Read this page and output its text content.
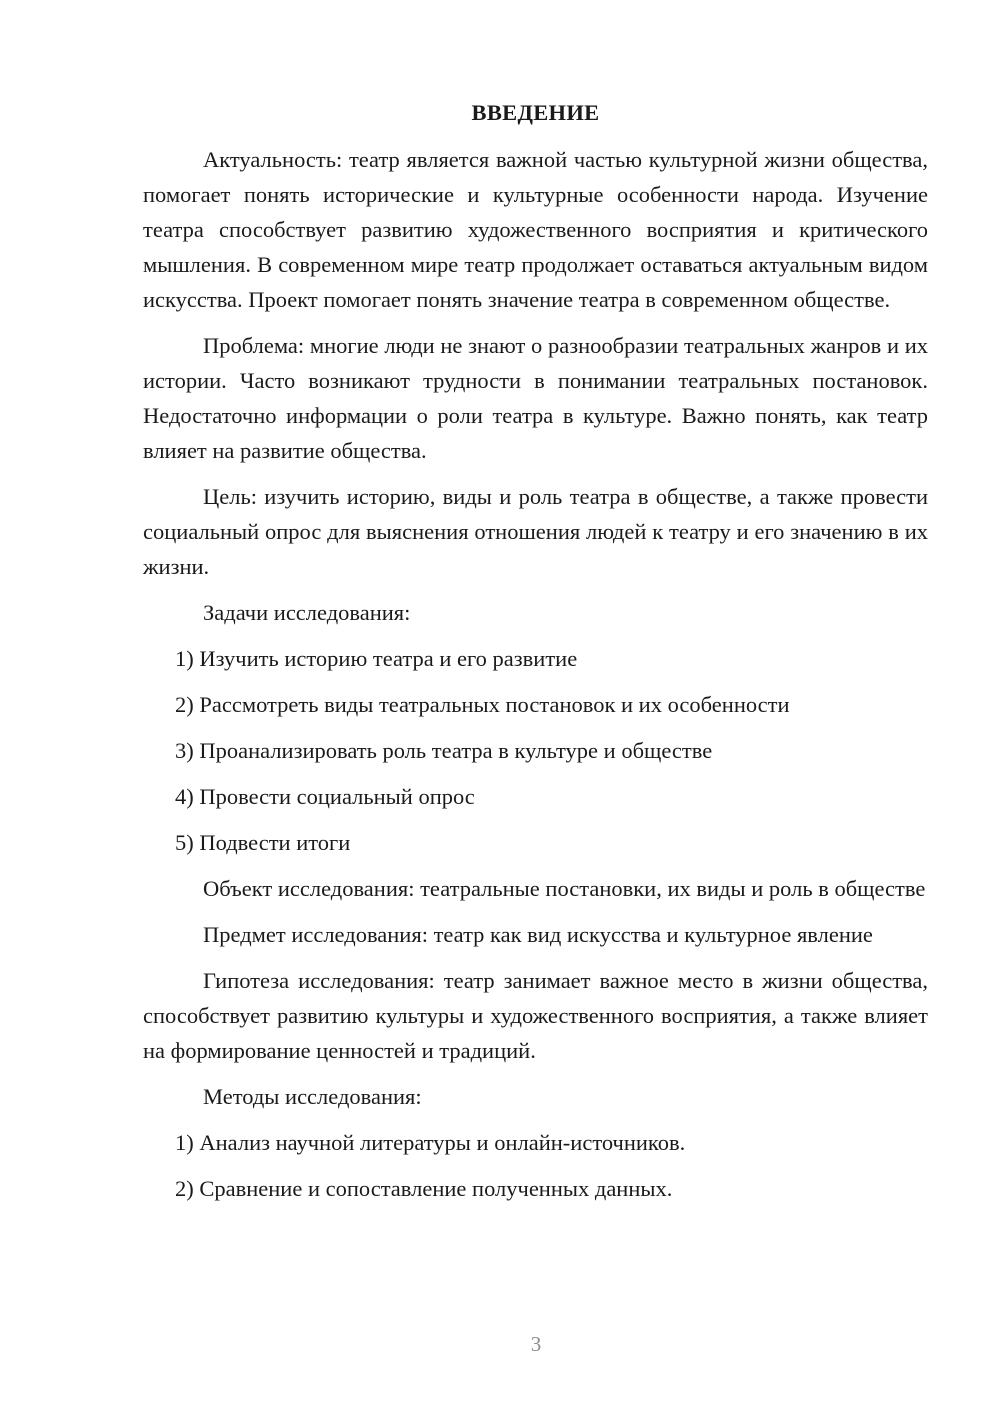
ВВЕДЕНИЕ

Актуальность: театр является важной частью культурной жизни общества, помогает понять исторические и культурные особенности народа. Изучение театра способствует развитию художественного восприятия и критического мышления. В современном мире театр продолжает оставаться актуальным видом искусства. Проект помогает понять значение театра в современном обществе.

Проблема: многие люди не знают о разнообразии театральных жанров и их истории. Часто возникают трудности в понимании театральных постановок. Недостаточно информации о роли театра в культуре. Важно понять, как театр влияет на развитие общества.

Цель: изучить историю, виды и роль театра в обществе, а также провести социальный опрос для выяснения отношения людей к театру и его значению в их жизни.

Задачи исследования:

1) Изучить историю театра и его развитие
2) Рассмотреть виды театральных постановок и их особенности
3) Проанализировать роль театра в культуре и обществе
4) Провести социальный опрос
5) Подвести итоги

Объект исследования: театральные постановки, их виды и роль в обществе

Предмет исследования: театр как вид искусства и культурное явление

Гипотеза исследования: театр занимает важное место в жизни общества, способствует развитию культуры и художественного восприятия, а также влияет на формирование ценностей и традиций.

Методы исследования:

1) Анализ научной литературы и онлайн-источников.
2) Сравнение и сопоставление полученных данных.
3
